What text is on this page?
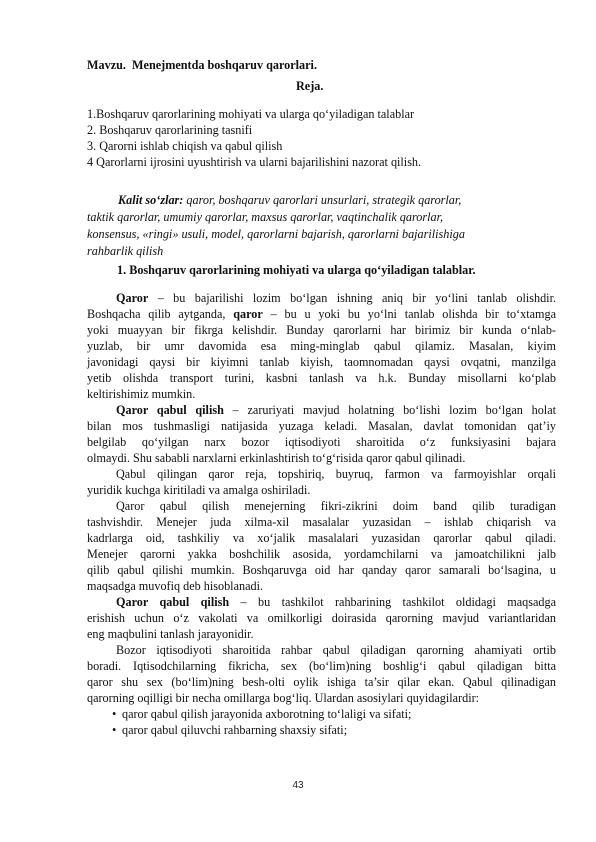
Mavzu. Menejmentda boshqaruv qarorlari.
Reja.
1.Boshqaruv qarorlarining mohiyati va ularga qo‘yiladigan talablar
2. Boshqaruv qarorlarining tasnifi
3. Qarorni ishlab chiqish va qabul qilish
4 Qarorlarni ijrosini uyushtirish va ularni bajarilishini nazorat qilish.
Kalit so‘zlar: qaror, boshqaruv qarorlari unsurlari, strategik qarorlar,
taktik qarorlar, umumiy qarorlar, maxsus qarorlar, vaqtinchalik qarorlar,
konsensus, «ringi» usuli, model, qarorlarni bajarish, qarorlarni bajarilishiga
rahbarlik qilish
1. Boshqaruv qarorlarining mohiyati va ularga qo‘yiladigan talablar.
Qaror – bu bajarilishi lozim bo‘lgan ishning aniq bir yo‘lini tanlab olishdir.
Boshqacha qilib aytganda, qaror – bu u yoki bu yo‘lni tanlab olishda bir to‘xtamga
yoki muayyan bir fikrga kelishdir. Bunday qarorlarni har birimiz bir kunda o‘nlab-
yuzlab, bir umr davomida esa ming-minglab qabul qilamiz. Masalan, kiyim
javonidagi qaysi bir kiyimni tanlab kiyish, taomnomadan qaysi ovqatni, manzilga
yetib olishda transport turini, kasbni tanlash va h.k. Bunday misollarni ko‘plab
keltirishimiz mumkin.
Qaror qabul qilish – zaruriyati mavjud holatning bo‘lishi lozim bo‘lgan holat
bilan mos tushmasligi natijasida yuzaga keladi. Masalan, davlat tomonidan qat’iy
belgilab qo‘yilgan narx bozor iqtisodiyoti sharoitida o‘z funksiyasini bajara
olmaydi. Shu sababli narxlarni erkinlashtirish to‘g‘risida qaror qabul qilinadi.
Qabul qilingan qaror reja, topshiriq, buyruq, farmon va farmoyishlar orqali
yuridik kuchga kiritiladi va amalga oshiriladi.
Qaror qabul qilish menejerning fikri-zikrini doim band qilib turadigan
tashvishdir. Menejer juda xilma-xil masalalar yuzasidan – ishlab chiqarish va
kadrlarga oid, tashkiliy va xo‘jalik masalalari yuzasidan qarorlar qabul qiladi.
Menejer qarorni yakka boshchilik asosida, yordamchilarni va jamoatchilikni jalb
qilib qabul qilishi mumkin. Boshqaruvga oid har qanday qaror samarali bo‘lsagina, u
maqsadga muvofiq deb hisoblanadi.
Qaror qabul qilish – bu tashkilot rahbarining tashkilot oldidagi maqsadga
erishish uchun o‘z vakolati va omilkorligi doirasida qarorning mavjud variantlaridan
eng maqbulini tanlash jarayonidir.
Bozor iqtisodiyoti sharoitida rahbar qabul qiladigan qarorning ahamiyati ortib
boradi. Iqtisodchilarning fikricha, sex (bo‘lim)ning boshlig‘i qabul qiladigan bitta
qaror shu sex (bo‘lim)ning besh-olti oylik ishiga ta’sir qilar ekan. Qabul qilinadigan
qarorning oqilligi bir necha omillarga bog‘liq. Ulardan asosiylari quyidagilardir:
• qaror qabul qilish jarayonida axborotning to‘laligi va sifati;
• qaror qabul qiluvchi rahbarning shaxsiy sifati;
43
